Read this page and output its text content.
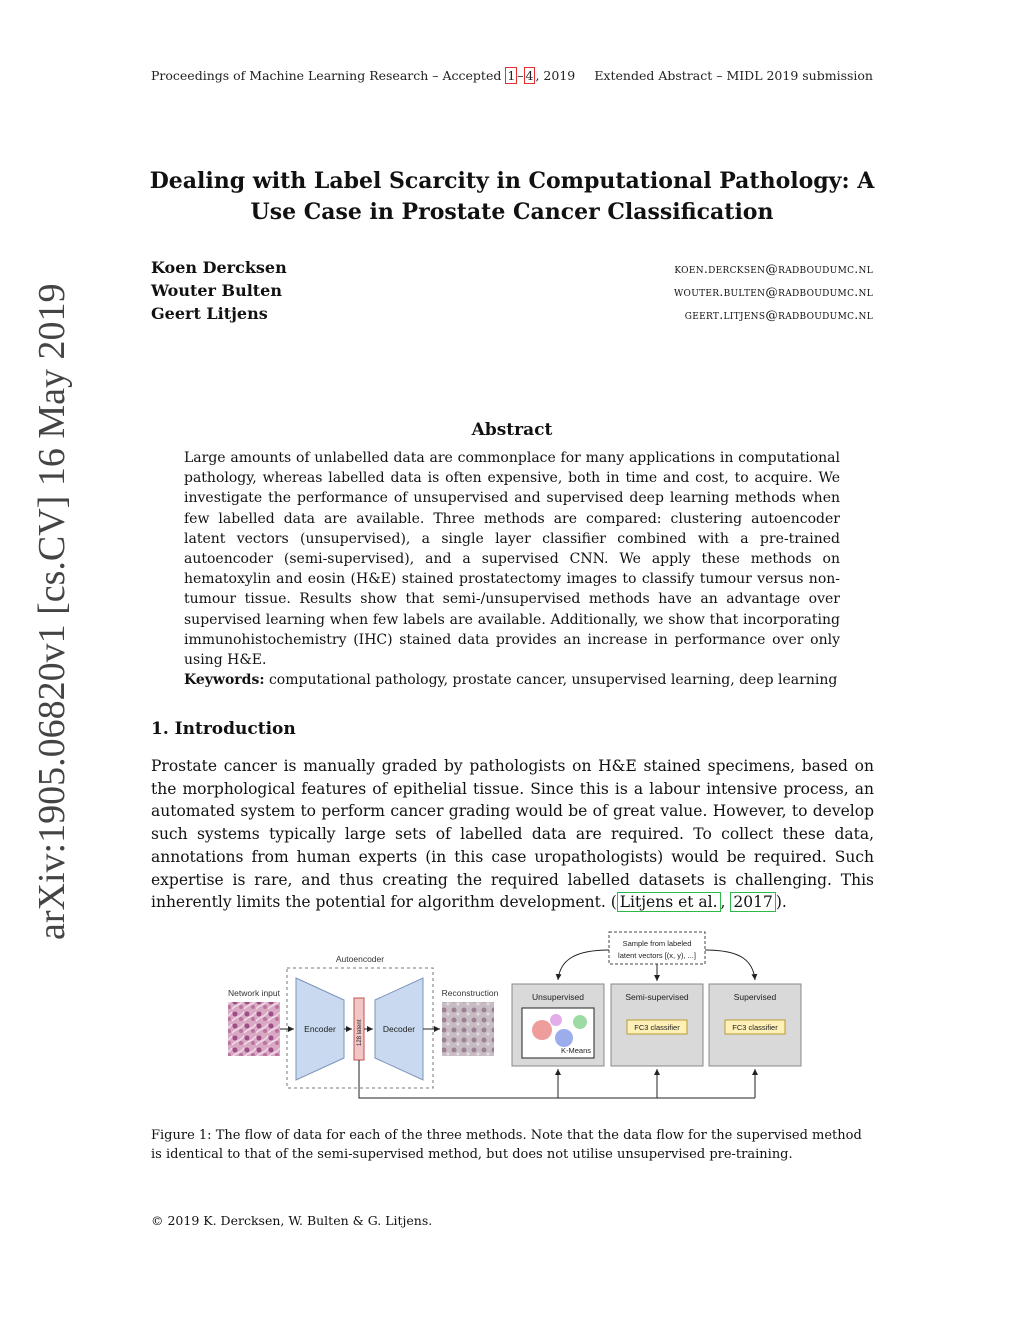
Proceedings of Machine Learning Research – Accepted 1 – 4 , 2019 Extended Abstract – MIDL 2019 submission
arXiv:1905.06820v1 [cs.CV] 16 May 2019
Dealing with Label Scarcity in Computational Pathology: A Use Case in Prostate Cancer Classification
Koen Dercksen	koen.dercksen@radboudumc.nl
Wouter Bulten	wouter.bulten@radboudumc.nl
Geert Litjens	geert.litjens@radboudumc.nl
Abstract
Large amounts of unlabelled data are commonplace for many applications in computational pathology, whereas labelled data is often expensive, both in time and cost, to acquire. We investigate the performance of unsupervised and supervised deep learning methods when few labelled data are available. Three methods are compared: clustering autoencoder latent vectors (unsupervised), a single layer classifier combined with a pre-trained autoencoder (semi-supervised), and a supervised CNN. We apply these methods on hematoxylin and eosin (H&E) stained prostatectomy images to classify tumour versus non-tumour tissue. Results show that semi-/unsupervised methods have an advantage over supervised learning when few labels are available. Additionally, we show that incorporating immunohistochemistry (IHC) stained data provides an increase in performance over only using H&E.
Keywords: computational pathology, prostate cancer, unsupervised learning, deep learning
1. Introduction
Prostate cancer is manually graded by pathologists on H&E stained specimens, based on the morphological features of epithelial tissue. Since this is a labour intensive process, an automated system to perform cancer grading would be of great value. However, to develop such systems typically large sets of labelled data are required. To collect these data, annotations from human experts (in this case uropathologists) would be required. Such expertise is rare, and thus creating the required labelled datasets is challenging. This inherently limits the potential for algorithm development. ( Litjens et al. , 2017 ).
Autoencoder
Network input
Encoder	128 latent Decoder
Reconstruction
Sample from labeled
latent vectors [(x, y), ...]
Unsupervised
K-Means
Semi-supervised
FC3 classifier
Supervised
FC3 classifier
Figure 1: The flow of data for each of the three methods. Note that the data flow for the supervised method is identical to that of the semi-supervised method, but does not utilise unsupervised pre-training.
© 2019 K. Dercksen, W. Bulten & G. Litjens.
